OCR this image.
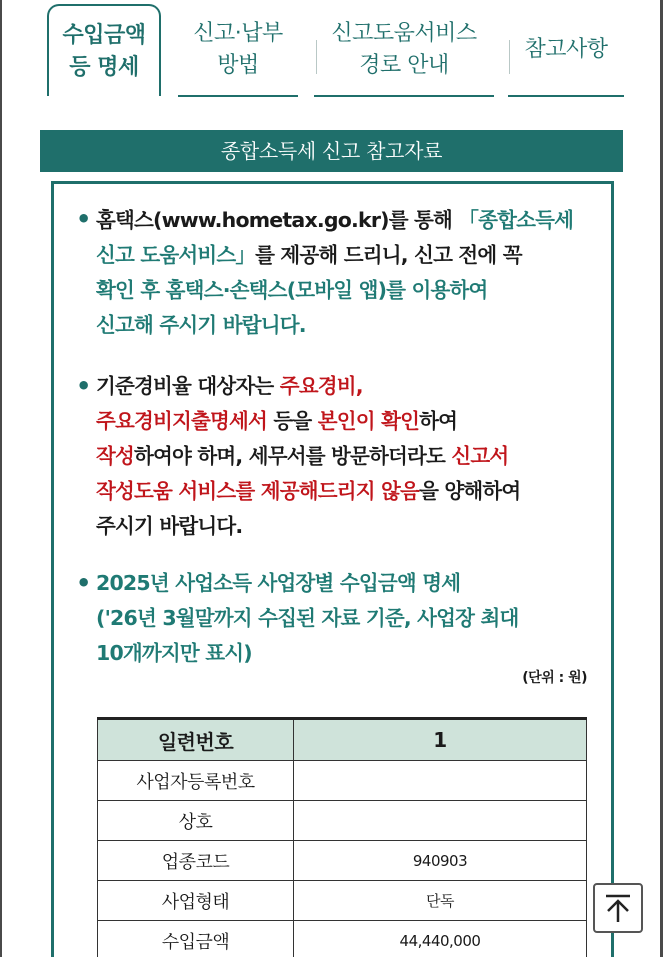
수입금액
등 명세
신고·납부
방법
신고도움서비스
경로 안내
참고사항
종합소득세 신고 참고자료
• 홈택스(www.hometax.go.kr)를 통해 「종합소득세
신고 도움서비스」를 제공해 드리니, 신고 전에 꼭
확인 후 홈택스·손택스(모바일 앱)를 이용하여
신고해 주시기 바랍니다.
• 기준경비율 대상자는 주요경비,
주요경비지출명세서 등을 본인이 확인하여
작성하여야 하며, 세무서를 방문하더라도 신고서
작성도움 서비스를 제공해드리지 않음을 양해하여
주시기 바랍니다.
• 2025년 사업소득 사업장별 수입금액 명세
('26년 3월말까지 수집된 자료 기준, 사업장 최대
10개까지만 표시)
(단위 : 원)
일련번호	1
사업자등록번호	
상호	
업종코드	940903
사업형태	단독
수입금액	44,440,000
